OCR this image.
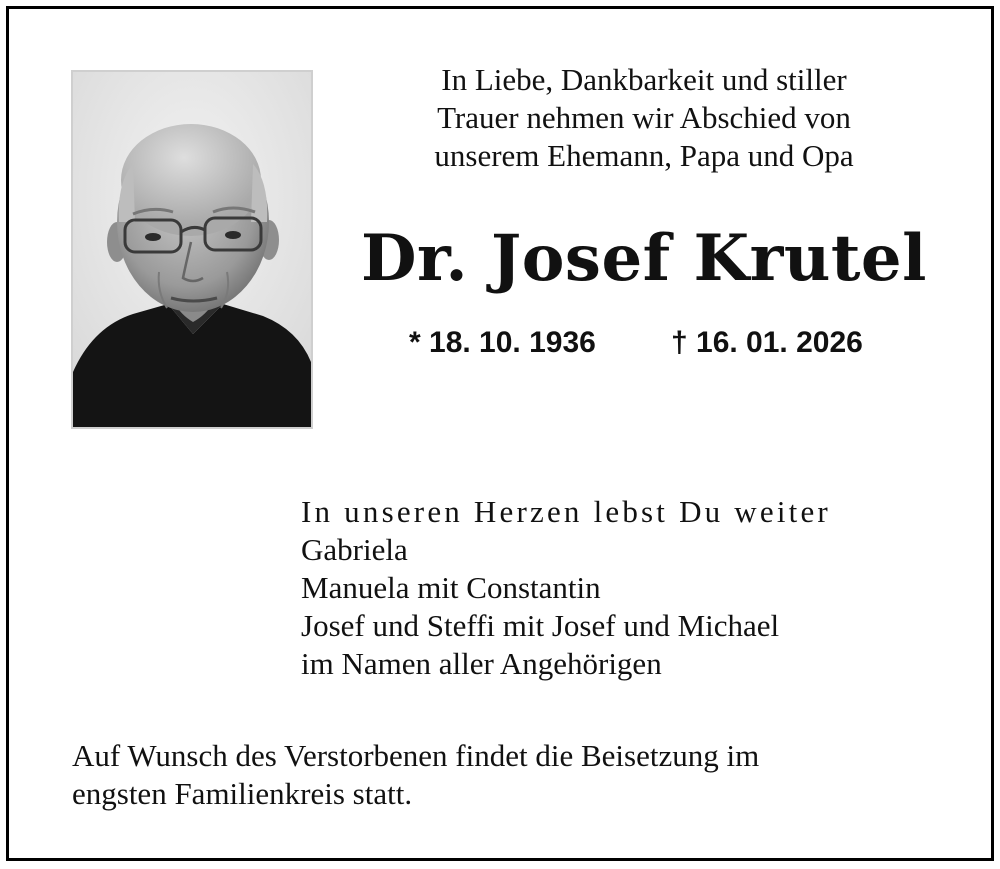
In Liebe, Dankbarkeit und stiller
Trauer nehmen wir Abschied von
unserem Ehemann, Papa und Opa
Dr. Josef Krutel
* 18. 10. 1936	† 16. 01. 2026
In unseren Herzen lebst Du weiter
Gabriela
Manuela mit Constantin
Josef und Steffi mit Josef und Michael
im Namen aller Angehörigen
Auf Wunsch des Verstorbenen findet die Beisetzung im
engsten Familienkreis statt.
